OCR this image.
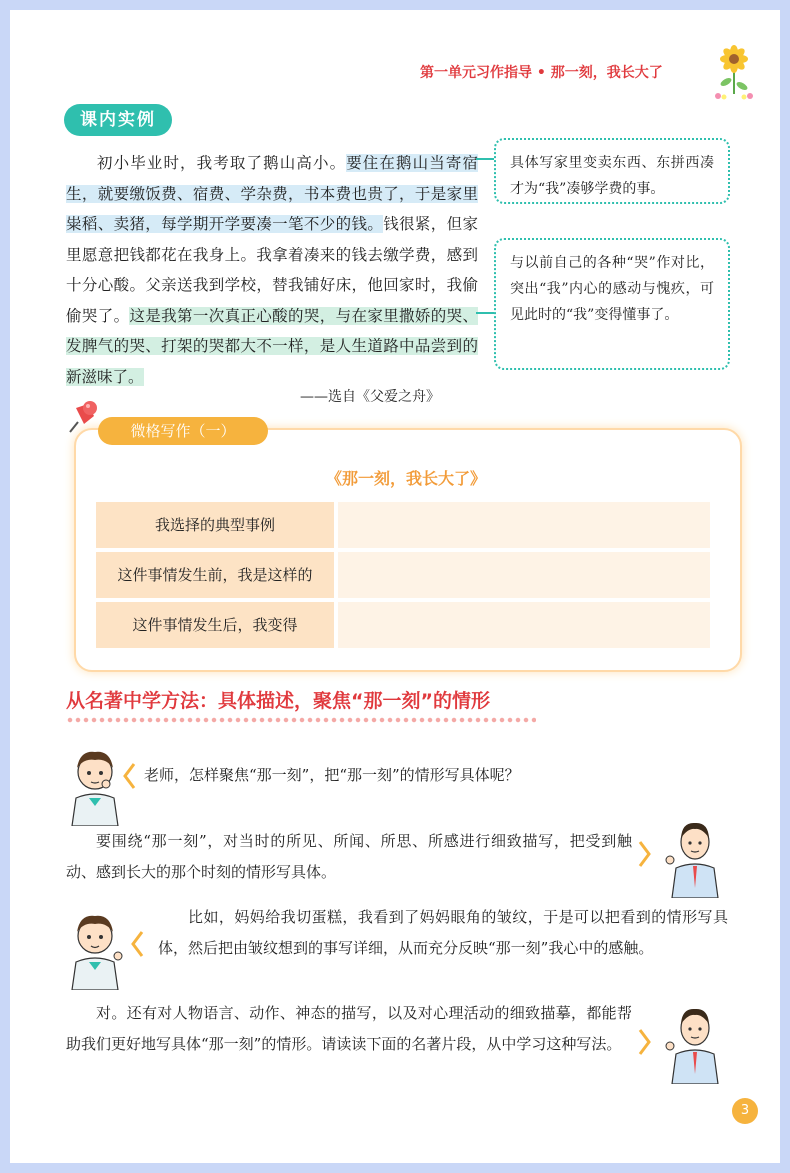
第一单元习作指导 • 那一刻，我长大了
课内实例

初小毕业时，我考取了鹅山高小。要住在鹅山当寄宿生，就要缴饭费、宿费、学杂费，书本费也贵了，于是家里粜稻、卖猪，每学期开学要凑一笔不少的钱。钱很紧，但家里愿意把钱都花在我身上。我拿着凑来的钱去缴学费，感到十分心酸。父亲送我到学校，替我铺好床，他回家时，我偷偷哭了。这是我第一次真正心酸的哭，与在家里撒娇的哭、发脾气的哭、打架的哭都大不一样，是人生道路中品尝到的新滋味了。

——选自《父爱之舟》
具体写家里变卖东西、东拼西凑才为“我”凑够学费的事。
与以前自己的各种“哭”作对比，突出“我”内心的感动与愧疚，可见此时的“我”变得懂事了。
微格写作（一）
《那一刻，我长大了》
我选择的典型事例
这件事情发生前，我是这样的
这件事情发生后，我变得
从名著中学方法：具体描述，聚焦“那一刻”的情形

老师，怎样聚焦“那一刻”，把“那一刻”的情形写具体呢？

要围绕“那一刻”，对当时的所见、所闻、所思、所感进行细致描写，把受到触动、感到长大的那个时刻的情形写具体。

比如，妈妈给我切蛋糕，我看到了妈妈眼角的皱纹，于是可以把看到的情形写具体，然后把由皱纹想到的事写详细，从而充分反映“那一刻”我心中的感触。

对。还有对人物语言、动作、神态的描写，以及对心理活动的细致描摹，都能帮助我们更好地写具体“那一刻”的情形。请读读下面的名著片段，从中学习这种写法。

3
